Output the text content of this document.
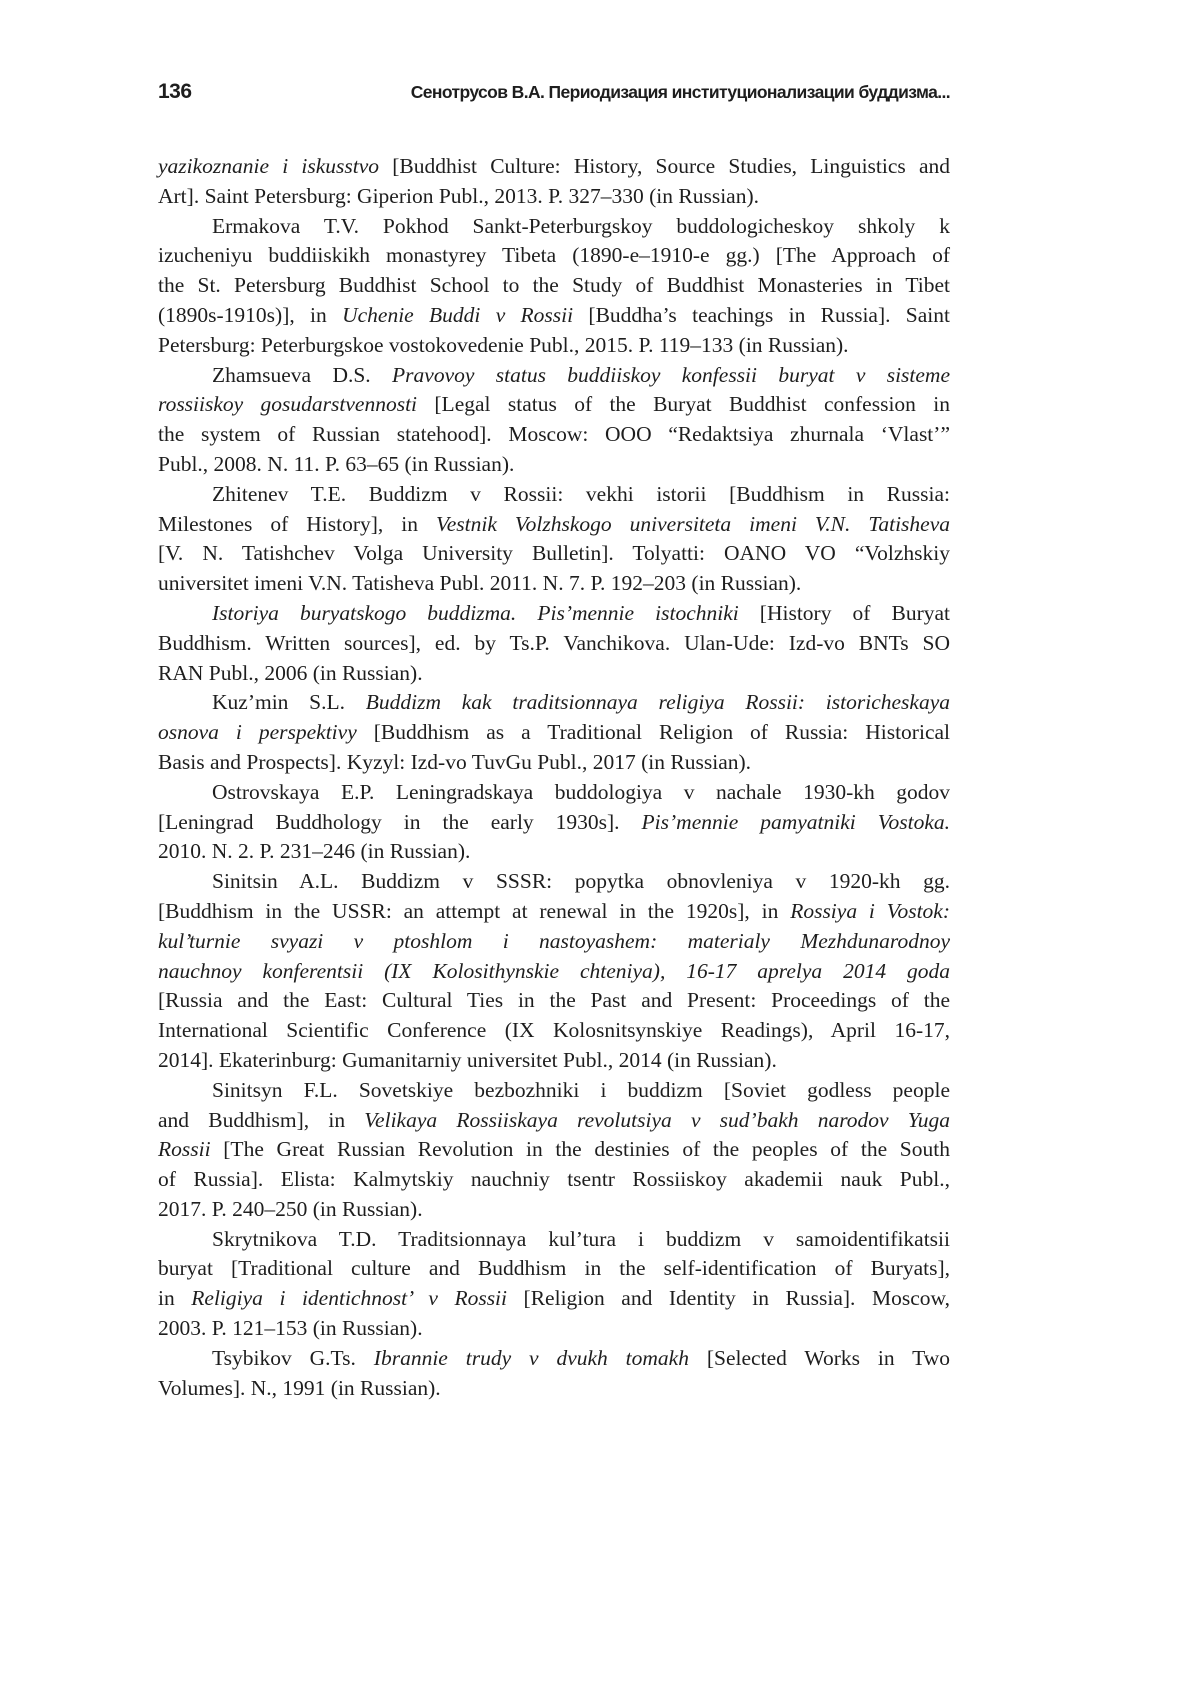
136	Сенотрусов В.А. Периодизация институционализации буддизма...
yazikoznanie i iskusstvo [Buddhist Culture: History, Source Studies, Linguistics and
Art]. Saint Petersburg: Giperion Publ., 2013. P. 327–330 (in Russian).
Ermakova T.V. Pokhod Sankt-Peterburgskoy buddologicheskoy shkoly k
izucheniyu buddiiskikh monastyrey Tibeta (1890-e–1910-e gg.) [The Approach of
the St. Petersburg Buddhist School to the Study of Buddhist Monasteries in Tibet
(1890s-1910s)], in Uchenie Buddi v Rossii [Buddha’s teachings in Russia]. Saint
Petersburg: Peterburgskoe vostokovedenie Publ., 2015. P. 119–133 (in Russian).
Zhamsueva D.S. Pravovoy status buddiiskoy konfessii buryat v sisteme
rossiiskoy gosudarstvennosti [Legal status of the Buryat Buddhist confession in
the system of Russian statehood]. Moscow: OOO “Redaktsiya zhurnala ‘Vlast’”
Publ., 2008. N. 11. P. 63–65 (in Russian).
Zhitenev T.E. Buddizm v Rossii: vekhi istorii [Buddhism in Russia:
Milestones of History], in Vestnik Volzhskogo universiteta imeni V.N. Tatisheva
[V. N. Tatishchev Volga University Bulletin]. Tolyatti: OANO VO “Volzhskiy
universitet imeni V.N. Tatisheva Publ. 2011. N. 7. P. 192–203 (in Russian).
Istoriya buryatskogo buddizma. Pis’mennie istochniki [History of Buryat
Buddhism. Written sources], ed. by Ts.P. Vanchikova. Ulan-Ude: Izd-vo BNTs SO
RAN Publ., 2006 (in Russian).
Kuz’min S.L. Buddizm kak traditsionnaya religiya Rossii: istoricheskaya
osnova i perspektivy [Buddhism as a Traditional Religion of Russia: Historical
Basis and Prospects]. Kyzyl: Izd-vo TuvGu Publ., 2017 (in Russian).
Ostrovskaya E.P. Leningradskaya buddologiya v nachale 1930-kh godov
[Leningrad Buddhology in the early 1930s]. Pis’mennie pamyatniki Vostoka.
2010. N. 2. P. 231–246 (in Russian).
Sinitsin A.L. Buddizm v SSSR: popytka obnovleniya v 1920-kh gg.
[Buddhism in the USSR: an attempt at renewal in the 1920s], in Rossiya i Vostok:
kul’turnie svyazi v ptoshlom i nastoyashem: materialy Mezhdunarodnoy
nauchnoy konferentsii (IX Kolosithynskie chteniya), 16-17 aprelya 2014 goda
[Russia and the East: Cultural Ties in the Past and Present: Proceedings of the
International Scientific Conference (IX Kolosnitsynskiye Readings), April 16-17,
2014]. Ekaterinburg: Gumanitarniy universitet Publ., 2014 (in Russian).
Sinitsyn F.L. Sovetskiye bezbozhniki i buddizm [Soviet godless people
and Buddhism], in Velikaya Rossiiskaya revolutsiya v sud’bakh narodov Yuga
Rossii [The Great Russian Revolution in the destinies of the peoples of the South
of Russia]. Elista: Kalmytskiy nauchniy tsentr Rossiiskoy akademii nauk Publ.,
2017. P. 240–250 (in Russian).
Skrytnikova T.D. Traditsionnaya kul’tura i buddizm v samoidentifikatsii
buryat [Traditional culture and Buddhism in the self-identification of Buryats],
in Religiya i identichnost’ v Rossii [Religion and Identity in Russia]. Moscow,
2003. P. 121–153 (in Russian).
Tsybikov G.Ts. Ibrannie trudy v dvukh tomakh [Selected Works in Two
Volumes]. N., 1991 (in Russian).
